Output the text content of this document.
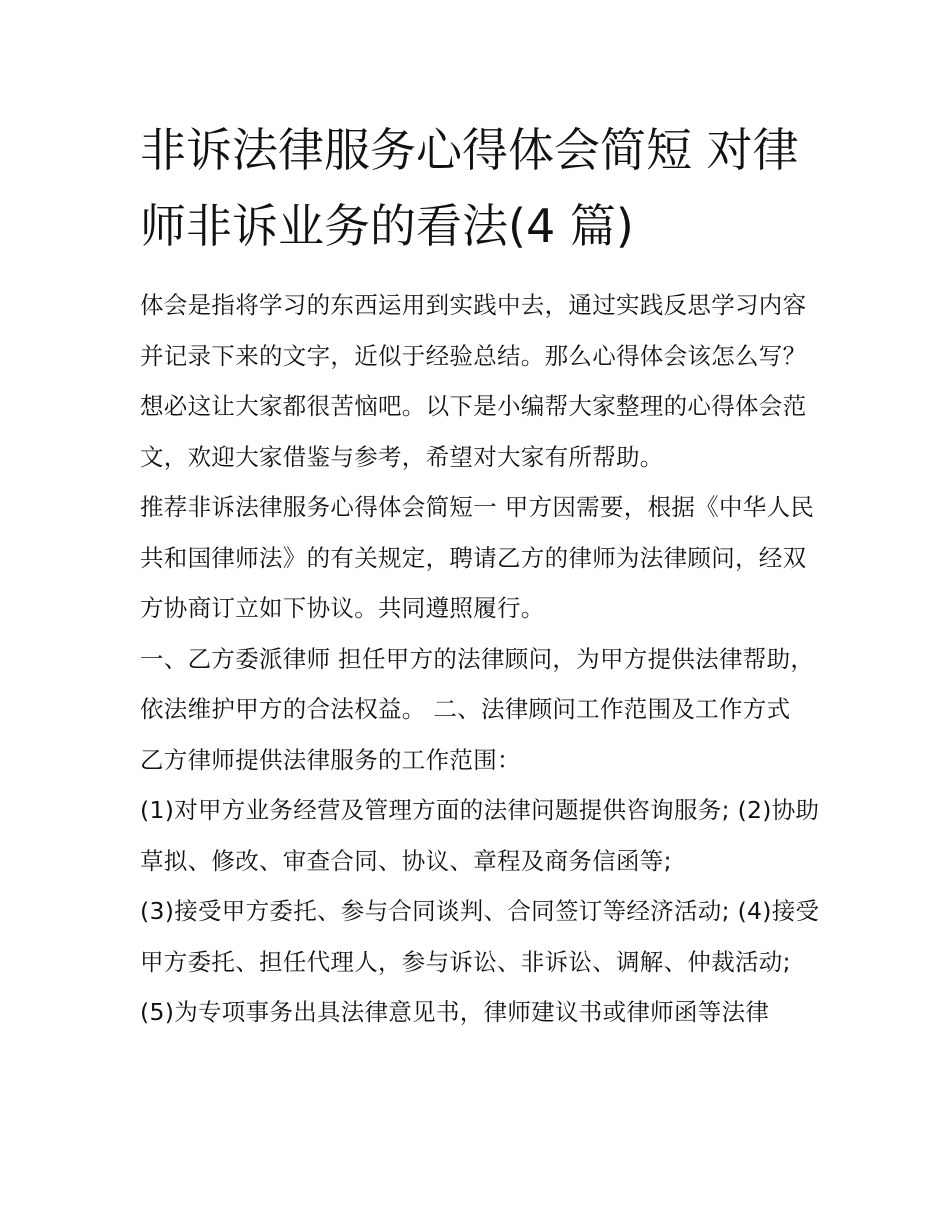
非诉法律服务心得体会简短 对律师非诉业务的看法(4 篇)

体会是指将学习的东西运用到实践中去，通过实践反思学习内容并记录下来的文字，近似于经验总结。那么心得体会该怎么写？想必这让大家都很苦恼吧。以下是小编帮大家整理的心得体会范文，欢迎大家借鉴与参考，希望对大家有所帮助。

推荐非诉法律服务心得体会简短一 甲方因需要，根据《中华人民共和国律师法》的有关规定，聘请乙方的律师为法律顾问，经双方协商订立如下协议。共同遵照履行。

一、乙方委派律师 担任甲方的法律顾问，为甲方提供法律帮助，依法维护甲方的合法权益。 二、法律顾问工作范围及工作方式 乙方律师提供法律服务的工作范围：

(1)对甲方业务经营及管理方面的法律问题提供咨询服务; (2)协助草拟、修改、审查合同、协议、章程及商务信函等;

(3)接受甲方委托、参与合同谈判、合同签订等经济活动; (4)接受甲方委托、担任代理人，参与诉讼、非诉讼、调解、仲裁活动;

(5)为专项事务出具法律意见书，律师建议书或律师函等法律
